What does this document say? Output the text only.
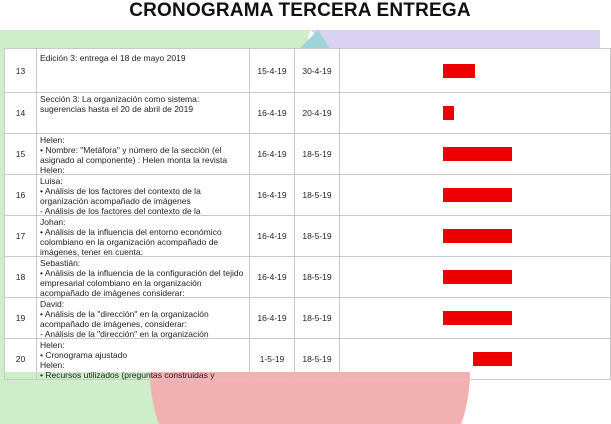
CRONOGRAMA TERCERA ENTREGA
13	Edición 3: entrega el 18 de mayo 2019	15-4-19	30-4-19	

14	Sección 3: La organización como sistema: sugerencias hasta el 20 de abril de 2019	16-4-19	20-4-19	

15	Helen:
• Nombre: "Metáfora" y número de la sección (el asignado al componente) : Helen monta la revista
Helen:	16-4-19	18-5-19	

16	Luisa:
• Análisis de los factores del contexto de la organización acompañado de imágenes
- Análisis de los factores del contexto de la	16-4-19	18-5-19	

17	Johan:
• Análisis de la influencia del entorno económico colombiano en la organización acompañado de imágenes, tener en cuenta:	16-4-19	18-5-19	

18	Sebastián:
• Análisis de la influencia de la configuración del tejido empresarial colombiano en la organización acompañado de imágenes considerar:	16-4-19	18-5-19	

19	David:
• Análisis de la "dirección" en la organización acompañado de imágenes, considerar:
- Análisis de la "dirección" en la organización	16-4-19	18-5-19	

20	Helen:
• Cronograma ajustado
Helen:
• Recursos utilizados (preguntas construidas y	1-5-19	18-5-19	
